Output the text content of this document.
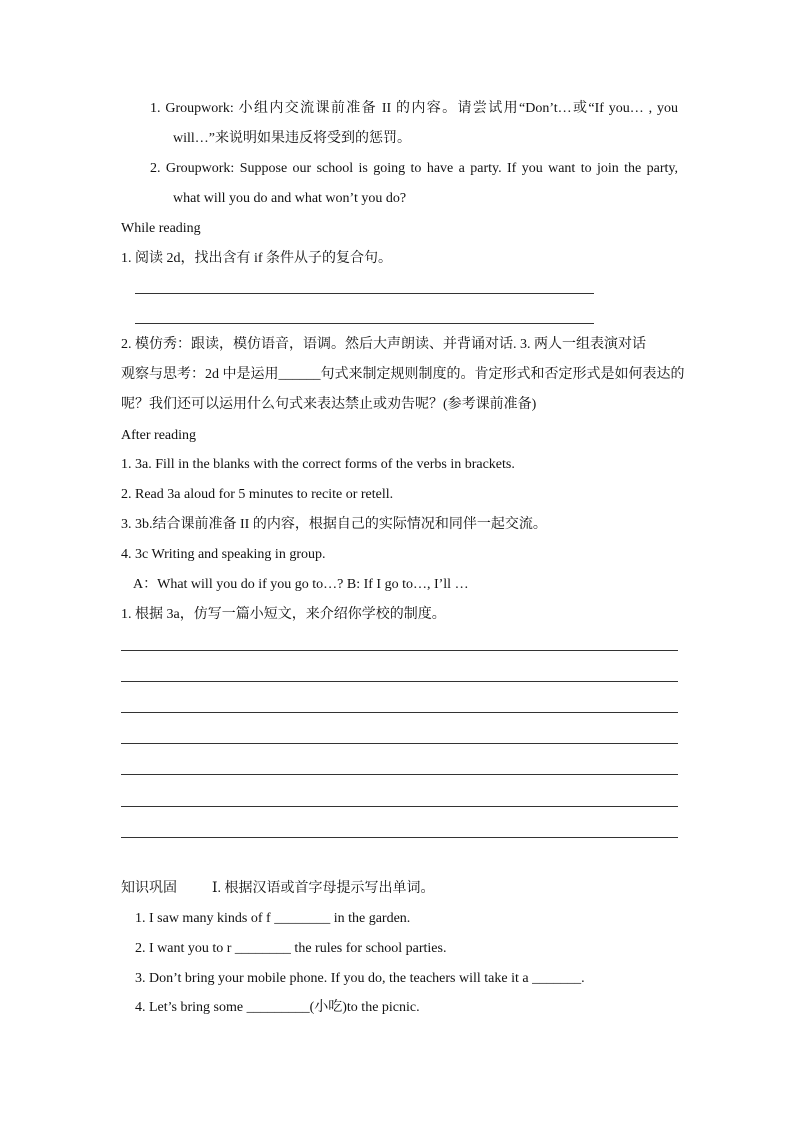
1. Groupwork: 小组内交流课前准备 II 的内容。请尝试用“Don’t…或“If you… , you
will…”来说明如果违反将受到的惩罚。
2. Groupwork: Suppose our school is going to have a party. If you want to join the party,
what will you do and what won’t you do?
While reading
1. 阅读 2d，找出含有 if 条件从子的复合句。
2. 模仿秀：跟读，模仿语音，语调。然后大声朗读、并背诵对话. 3. 两人一组表演对话
观察与思考：2d 中是运用______句式来制定规则制度的。肯定形式和否定形式是如何表达的
呢？我们还可以运用什么句式来表达禁止或劝告呢？(参考课前准备)
After reading
1. 3a. Fill in the blanks with the correct forms of the verbs in brackets.
2. Read 3a aloud for 5 minutes to recite or retell.
3. 3b.结合课前准备 II 的内容，根据自己的实际情况和同伴一起交流。
4. 3c Writing and speaking in group.
A：What will you do if you go to…? B: If I go to…, I’ll …
1. 根据 3a，仿写一篇小短文，来介绍你学校的制度。
知识巩固	Ⅰ. 根据汉语或首字母提示写出单词。
1. I saw many kinds of f ________ in the garden.
2. I want you to r ________ the rules for school parties.
3. Don’t bring your mobile phone. If you do, the teachers will take it a _______.
4. Let’s bring some _________(小吃)to the picnic.
